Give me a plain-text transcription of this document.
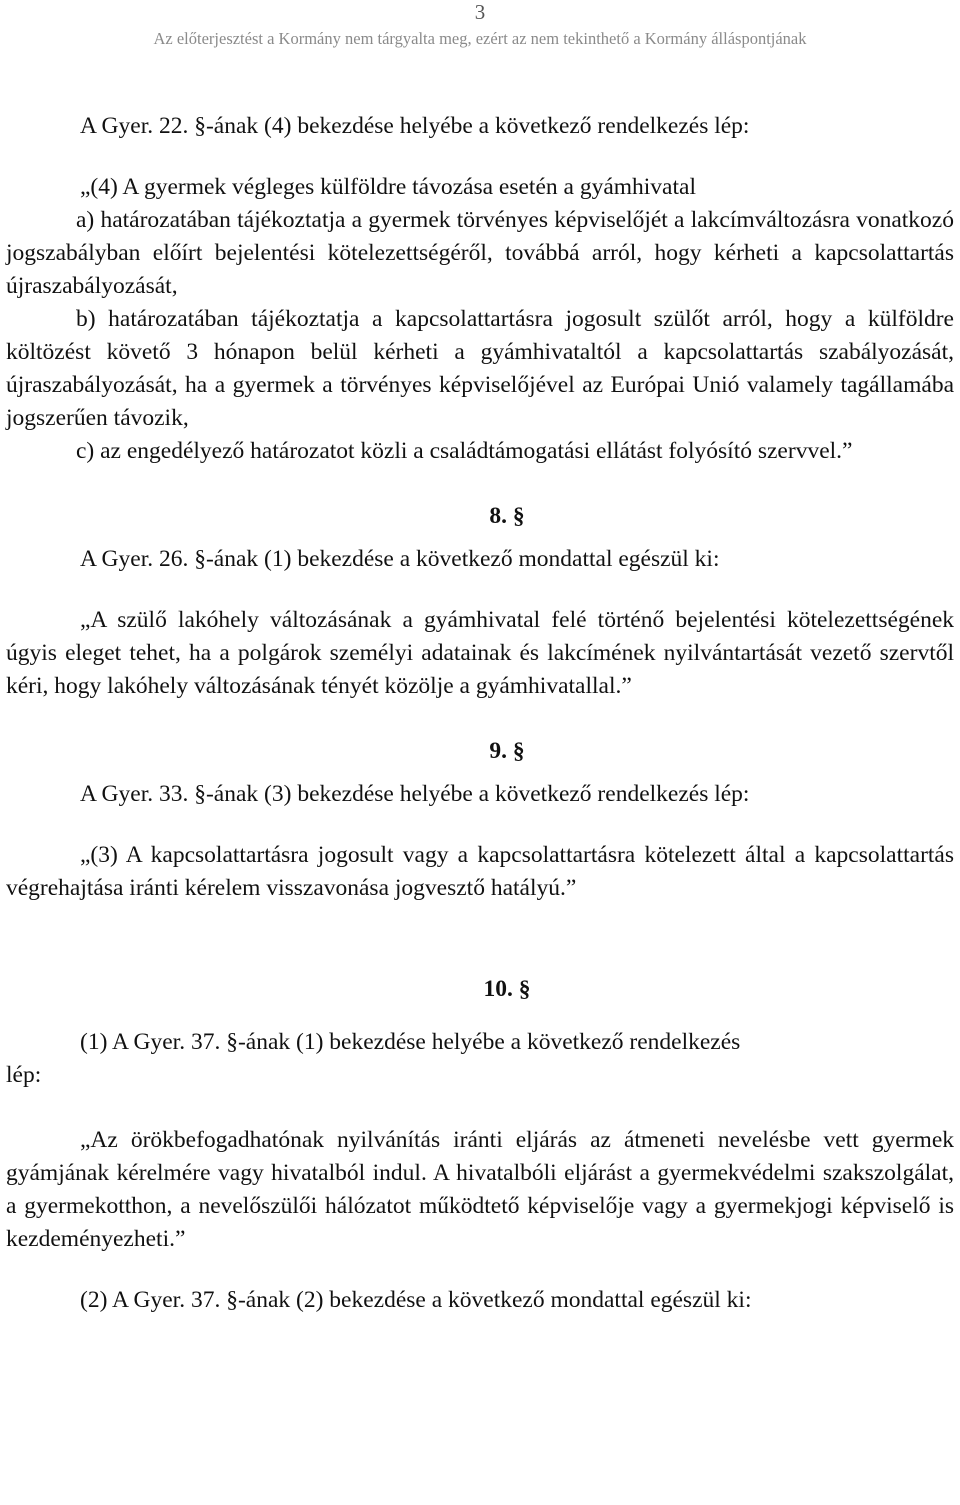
3
Az előterjesztést a Kormány nem tárgyalta meg, ezért az nem tekinthető a Kormány álláspontjának

A Gyer. 22. §-ának (4) bekezdése helyébe a következő rendelkezés lép:

„(4) A gyermek végleges külföldre távozása esetén a gyámhivatal

a) határozatában tájékoztatja a gyermek törvényes képviselőjét a lakcímváltozásra vonatkozó jogszabályban előírt bejelentési kötelezettségéről, továbbá arról, hogy kérheti a kapcsolattartás újraszabályozását,

b) határozatában tájékoztatja a kapcsolattartásra jogosult szülőt arról, hogy a külföldre költözést követő 3 hónapon belül kérheti a gyámhivataltól a kapcsolattartás szabályozását, újraszabályozását, ha a gyermek a törvényes képviselőjével az Európai Unió valamely tagállamába jogszerűen távozik,

c) az engedélyező határozatot közli a családtámogatási ellátást folyósító szervvel.”

8. §

A Gyer. 26. §-ának (1) bekezdése a következő mondattal egészül ki:

„A szülő lakóhely változásának a gyámhivatal felé történő bejelentési kötelezettségének úgyis eleget tehet, ha a polgárok személyi adatainak és lakcímének nyilvántartását vezető szervtől kéri, hogy lakóhely változásának tényét közölje a gyámhivatallal.”

9. §

A Gyer. 33. §-ának (3) bekezdése helyébe a következő rendelkezés lép:

„(3) A kapcsolattartásra jogosult vagy a kapcsolattartásra kötelezett által a kapcsolattartás végrehajtása iránti kérelem visszavonása jogvesztő hatályú.”

10. §

lép:
(1) A Gyer. 37. §-ának (1) bekezdése helyébe a következő rendelkezés

„Az örökbefogadhatónak nyilvánítás iránti eljárás az átmeneti nevelésbe vett gyermek gyámjának kérelmére vagy hivatalból indul. A hivatalbóli eljárást a gyermekvédelmi szakszolgálat, a gyermekotthon, a nevelőszülői hálózatot működtető képviselője vagy a gyermekjogi képviselő is kezdeményezheti.”

(2) A Gyer. 37. §-ának (2) bekezdése a következő mondattal egészül ki:
